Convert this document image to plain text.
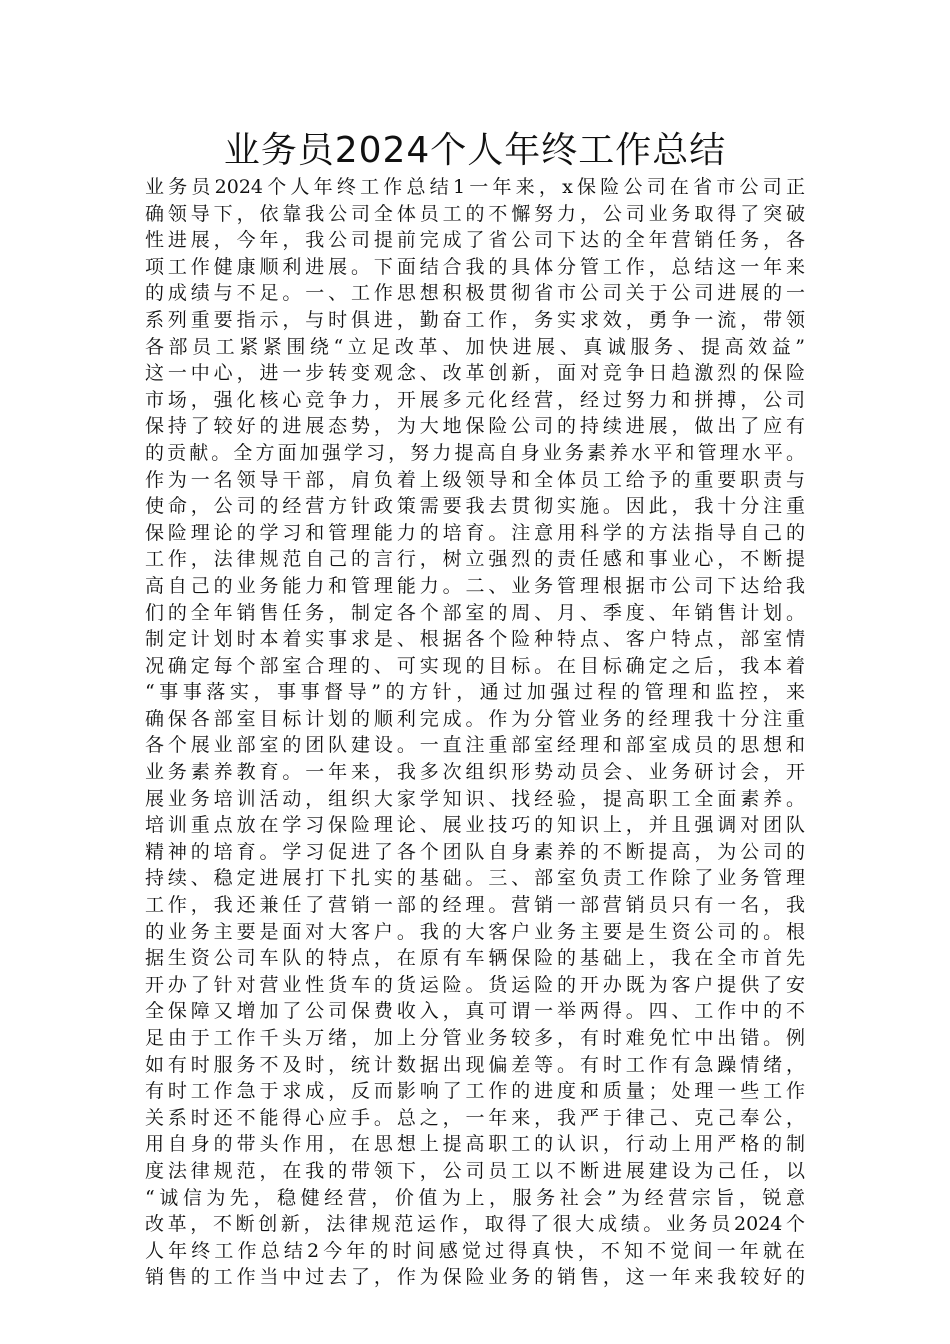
业务员2024个人年终工作总结
业务员2024个人年终工作总结1一年来，x保险公司在省市公司正
确领导下，依靠我公司全体员工的不懈努力，公司业务取得了突破
性进展，今年，我公司提前完成了省公司下达的全年营销任务，各
项工作健康顺利进展。下面结合我的具体分管工作，总结这一年来
的成绩与不足。一、工作思想积极贯彻省市公司关于公司进展的一
系列重要指示，与时俱进，勤奋工作，务实求效，勇争一流，带领
各部员工紧紧围绕“立足改革、加快进展、真诚服务、提高效益”
这一中心，进一步转变观念、改革创新，面对竞争日趋激烈的保险
市场，强化核心竞争力，开展多元化经营，经过努力和拼搏，公司
保持了较好的进展态势，为大地保险公司的持续进展，做出了应有
的贡献。全方面加强学习，努力提高自身业务素养水平和管理水平。
作为一名领导干部，肩负着上级领导和全体员工给予的重要职责与
使命，公司的经营方针政策需要我去贯彻实施。因此，我十分注重
保险理论的学习和管理能力的培育。注意用科学的方法指导自己的
工作，法律规范自己的言行，树立强烈的责任感和事业心，不断提
高自己的业务能力和管理能力。二、业务管理根据市公司下达给我
们的全年销售任务，制定各个部室的周、月、季度、年销售计划。
制定计划时本着实事求是、根据各个险种特点、客户特点，部室情
况确定每个部室合理的、可实现的目标。在目标确定之后，我本着
“事事落实，事事督导”的方针，通过加强过程的管理和监控，来
确保各部室目标计划的顺利完成。作为分管业务的经理我十分注重
各个展业部室的团队建设。一直注重部室经理和部室成员的思想和
业务素养教育。一年来，我多次组织形势动员会、业务研讨会，开
展业务培训活动，组织大家学知识、找经验，提高职工全面素养。
培训重点放在学习保险理论、展业技巧的知识上，并且强调对团队
精神的培育。学习促进了各个团队自身素养的不断提高，为公司的
持续、稳定进展打下扎实的基础。三、部室负责工作除了业务管理
工作，我还兼任了营销一部的经理。营销一部营销员只有一名，我
的业务主要是面对大客户。我的大客户业务主要是生资公司的。根
据生资公司车队的特点，在原有车辆保险的基础上，我在全市首先
开办了针对营业性货车的货运险。货运险的开办既为客户提供了安
全保障又增加了公司保费收入，真可谓一举两得。四、工作中的不
足由于工作千头万绪，加上分管业务较多，有时难免忙中出错。例
如有时服务不及时，统计数据出现偏差等。有时工作有急躁情绪，
有时工作急于求成，反而影响了工作的进度和质量；处理一些工作
关系时还不能得心应手。总之，一年来，我严于律己、克己奉公，
用自身的带头作用，在思想上提高职工的认识，行动上用严格的制
度法律规范，在我的带领下，公司员工以不断进展建设为己任，以
“诚信为先，稳健经营，价值为上，服务社会”为经营宗旨，锐意
改革，不断创新，法律规范运作，取得了很大成绩。业务员2024个
人年终工作总结2今年的时间感觉过得真快，不知不觉间一年就在
销售的工作当中过去了，作为保险业务的销售，这一年来我较好的
